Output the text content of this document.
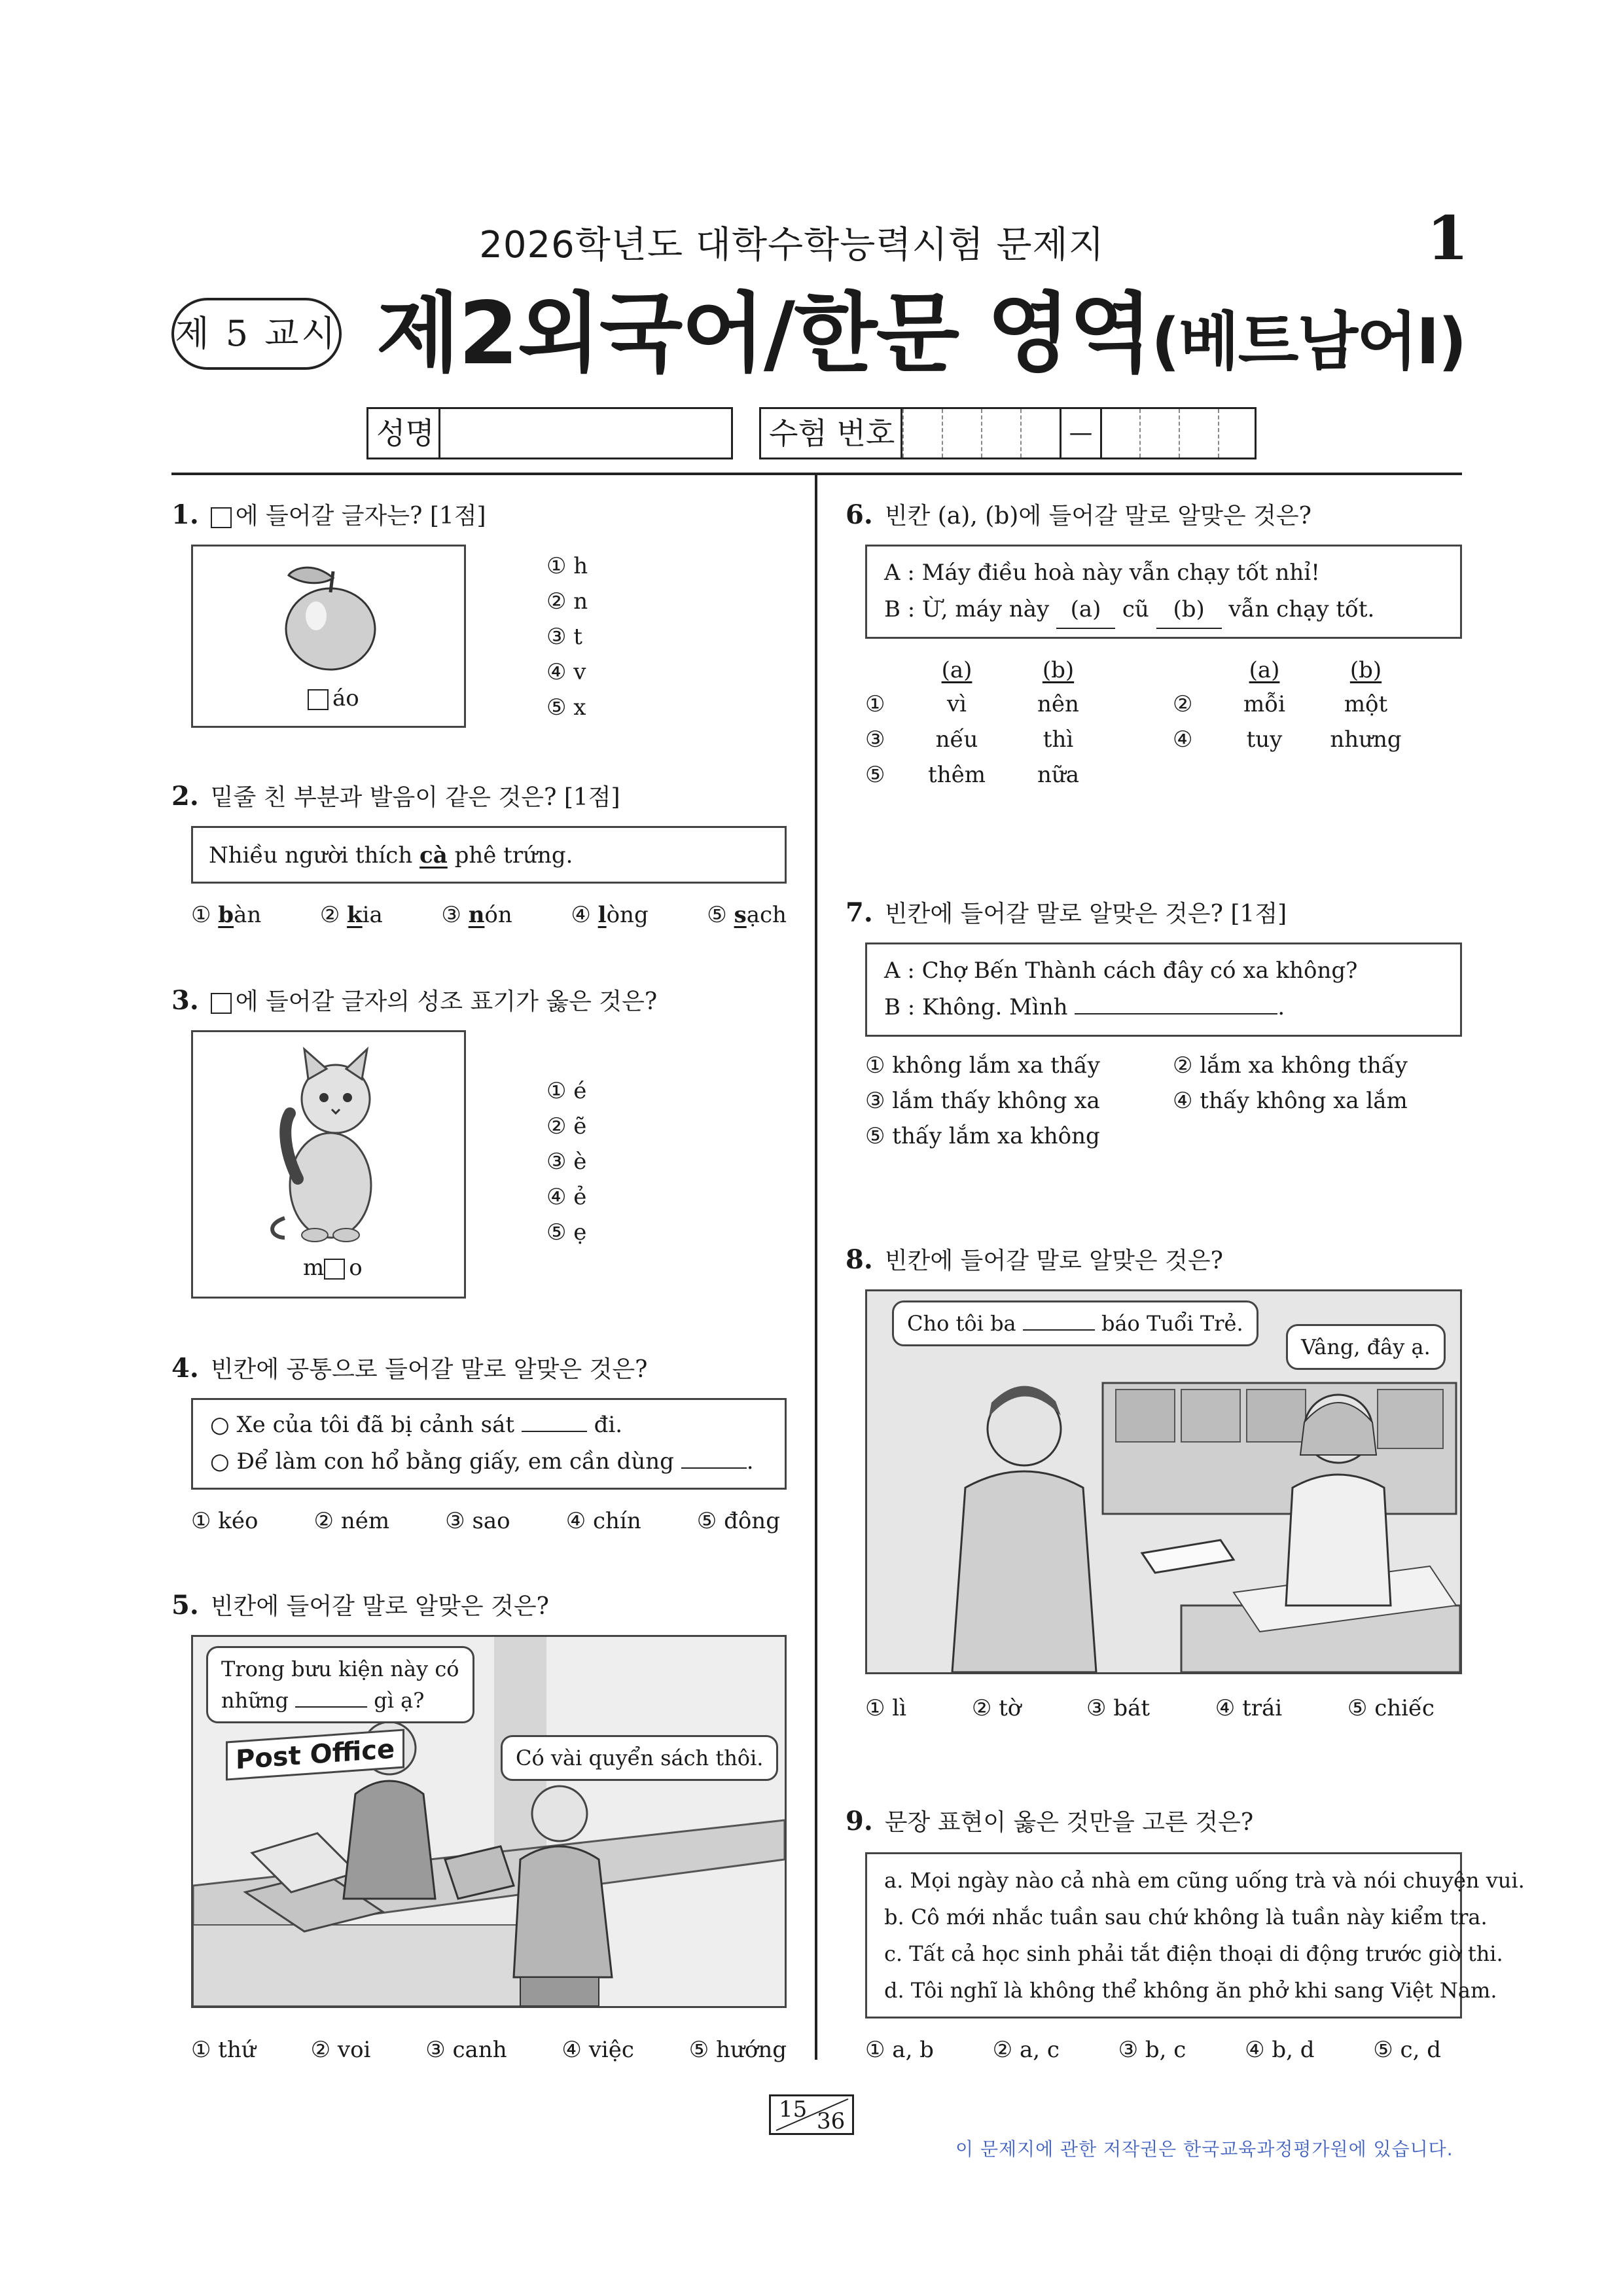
2026학년도 대학수학능력시험 문제지	1
제 5 교시 제2외국어/한문 영역(베트남어Ⅰ)
성명	수험 번호	—
1. 에 들어갈 글자는? [1점]
áo
① h
② n
③ t
④ v
⑤ x
2. 밑줄 친 부분과 발음이 같은 것은? [1점]
Nhiều người thích cà phê trứng.
① bàn	② kia	③ nón	④ lòng	⑤ sạch
3. 에 들어갈 글자의 성조 표기가 옳은 것은?
m o
① é
② ẽ
③ è
④ ẻ
⑤ ẹ
4. 빈칸에 공통으로 들어갈 말로 알맞은 것은?
○ Xe của tôi đã bị cảnh sát	đi.
○ Để làm con hổ bằng giấy, em cần dùng	.
① kéo	② ném	③ sao	④ chín	⑤ đông
5. 빈칸에 들어갈 말로 알맞은 것은?
Post Office
Trong bưu kiện này có
những	gì ạ?
Có vài quyển sách thôi.
① thứ ② voi ③ canh ④ việc ⑤ hướng
6. 빈칸 (a), (b)에 들어갈 말로 알맞은 것은?
A : Máy điều hoà này vẫn chạy tốt nhỉ!
B : Ừ, máy này (a) cũ (b) vẫn chạy tốt.
(a)	(b)	(a)	(b)
①	vì	nên	②	mỗi	một
③	nếu	thì	④	tuy	nhưng
⑤	thêm	nữa
7. 빈칸에 들어갈 말로 알맞은 것은? [1점]
A : Chợ Bến Thành cách đây có xa không?
B : Không. Mình	.
① không lắm xa thấy	② lắm xa không thấy
③ lắm thấy không xa	④ thấy không xa lắm
⑤ thấy lắm xa không
8. 빈칸에 들어갈 말로 알맞은 것은?
Cho tôi ba	báo Tuổi Trẻ.
Vâng, đây ạ.
① lì	② tờ	③ bát	④ trái	⑤ chiếc
9. 문장 표현이 옳은 것만을 고른 것은?
a. Mọi ngày nào cả nhà em cũng uống trà và nói chuyện vui.
b. Cô mới nhắc tuần sau chứ không là tuần này kiểm tra.
c. Tất cả học sinh phải tắt điện thoại di động trước giờ thi.
d. Tôi nghĩ là không thể không ăn phở khi sang Việt Nam.
① a, b	② a, c	③ b, c	④ b, d	⑤ c, d
15 36
이 문제지에 관한 저작권은 한국교육과정평가원에 있습니다.
